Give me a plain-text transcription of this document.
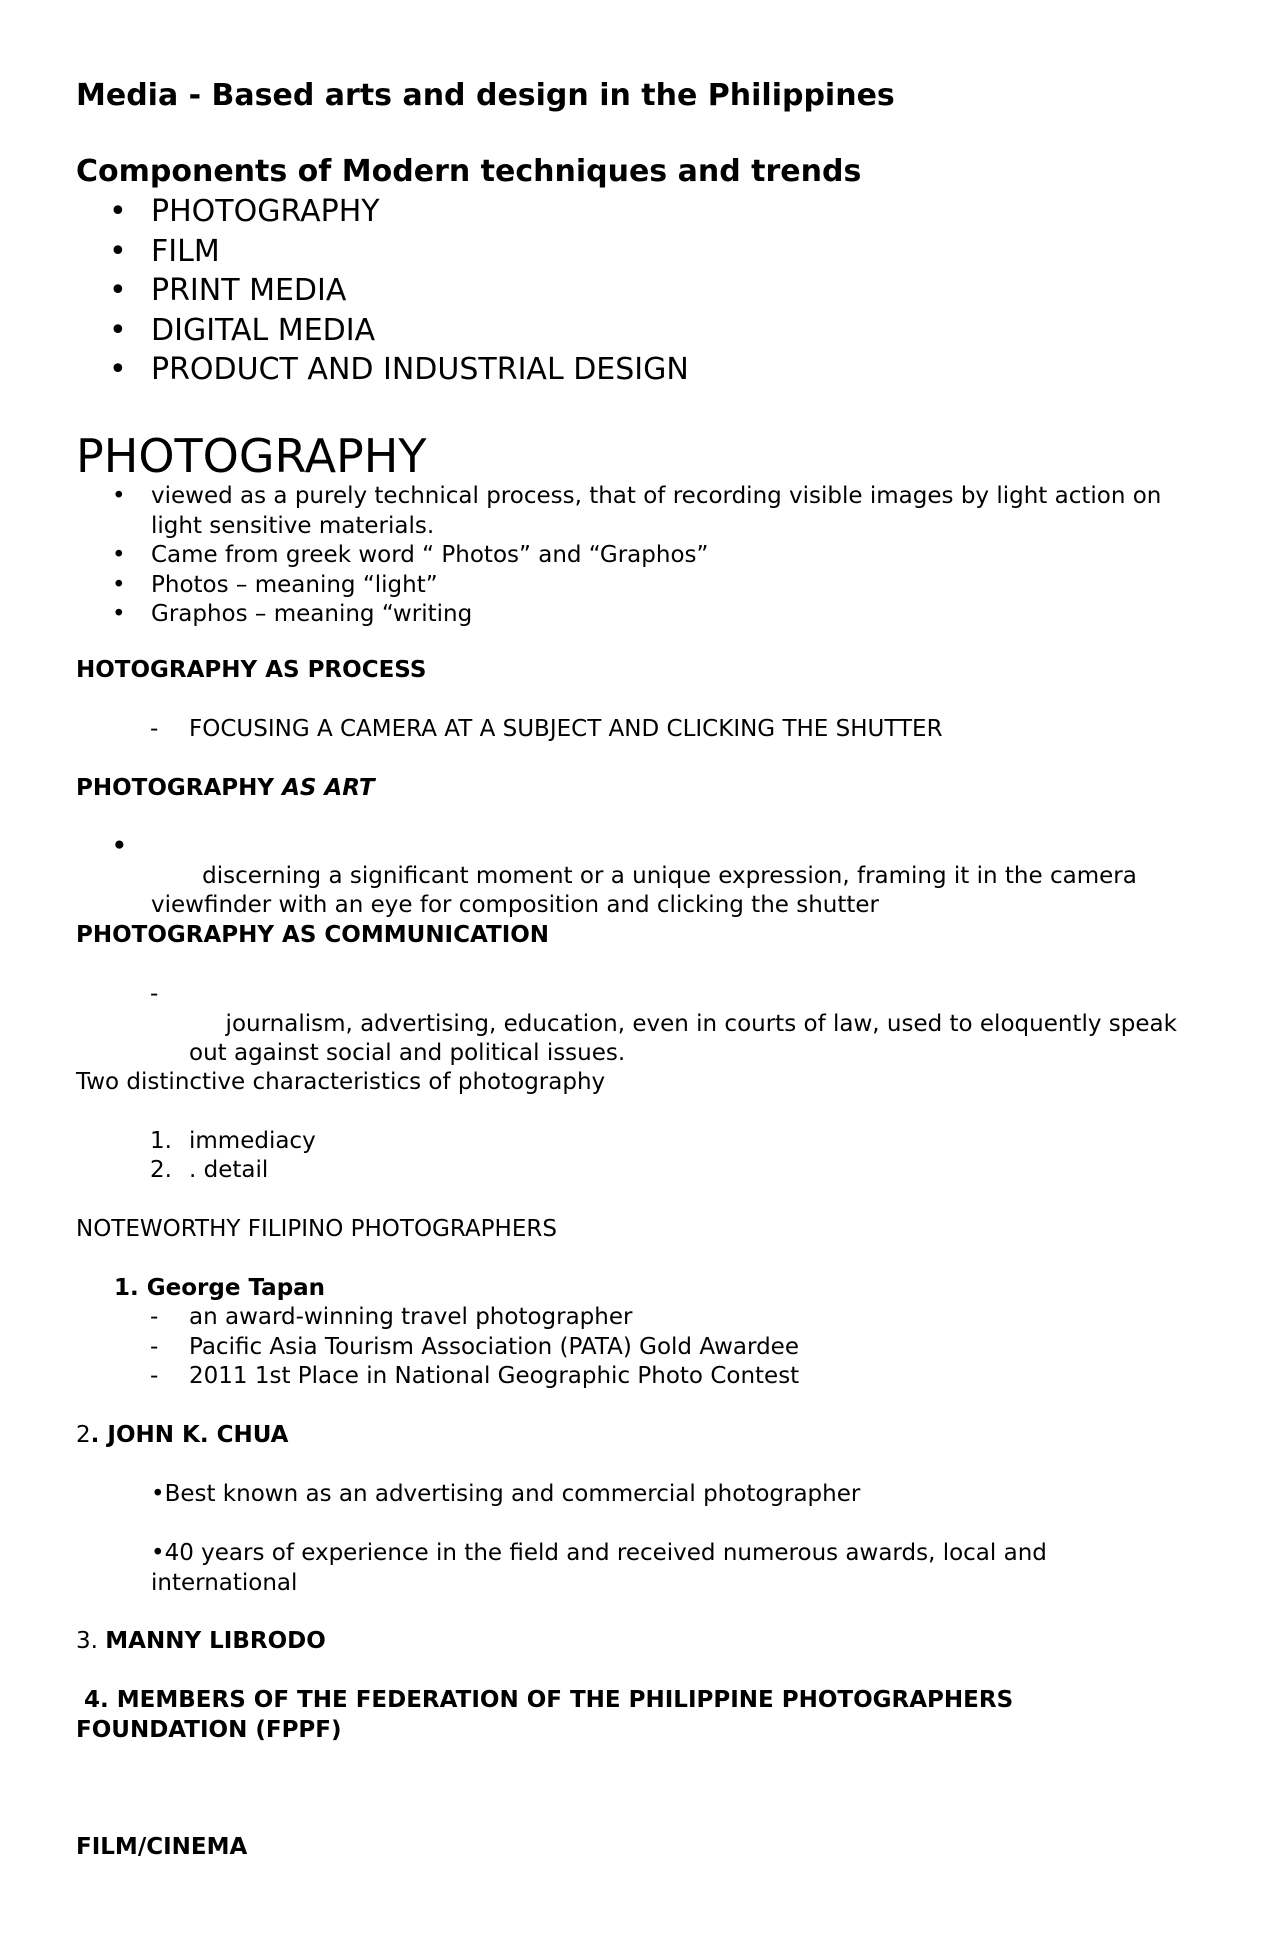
Media - Based arts and design in the Philippines
Components of Modern techniques and trends
• PHOTOGRAPHY
• FILM
• PRINT MEDIA
• DIGITAL MEDIA
• PRODUCT AND INDUSTRIAL DESIGN
PHOTOGRAPHY
• viewed as a purely technical process, that of recording visible images by light action on light sensitive materials.
• Came from greek word “ Photos” and “Graphos”
• Photos – meaning “light”
• Graphos – meaning “writing

HOTOGRAPHY AS PROCESS

- FOCUSING A CAMERA AT A SUBJECT AND CLICKING THE SHUTTER

PHOTOGRAPHY AS ART

•
discerning a significant moment or a unique expression, framing it in the camera viewfinder with an eye for composition and clicking the shutter

PHOTOGRAPHY AS COMMUNICATION

-
journalism, advertising, education, even in courts of law, used to eloquently speak out against social and political issues.

Two distinctive characteristics of photography

1. immediacy

2. . detail

NOTEWORTHY FILIPINO PHOTOGRAPHERS

1. George Tapan

- an award-winning travel photographer

- Pacific Asia Tourism Association (PATA) Gold Awardee

- 2011 1st Place in National Geographic Photo Contest

2. JOHN K. CHUA

•Best known as an advertising and commercial photographer

•40 years of experience in the field and received numerous awards, local and international

3. MANNY LIBRODO

4. MEMBERS OF THE FEDERATION OF THE PHILIPPINE PHOTOGRAPHERS FOUNDATION (FPPF)

FILM/CINEMA
